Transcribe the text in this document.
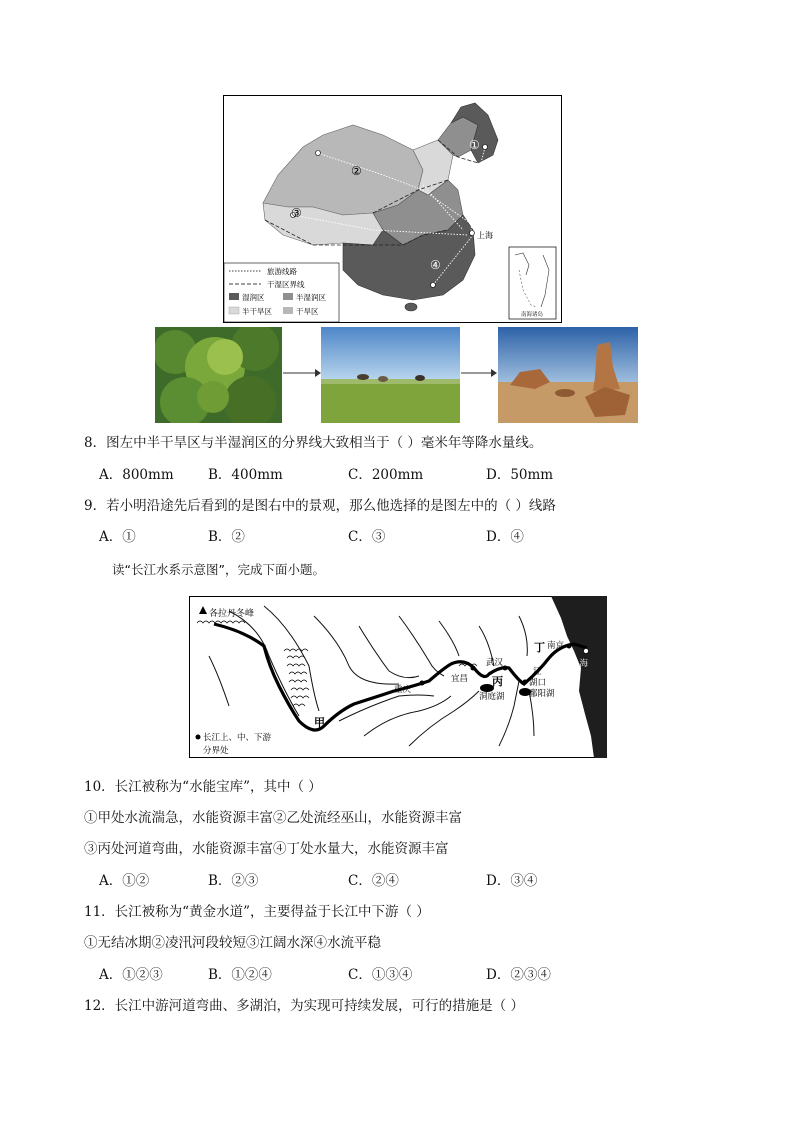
①
②
③
④
上海
旅游线路
干湿区界线
湿润区	半湿润区
半干旱区	干旱区	南海诸岛
8．图左中半干旱区与半湿润区的分界线大致相当于（ ）毫米年等降水量线。
A．800mm	B．400mm	C．200mm	D．50mm
9．若小明沿途先后看到的是图右中的景观，那么他选择的是图左中的（ ）线路
A．①	B．②	C．③	D．④
读“长江水系示意图”，完成下面小题。
各拉丹冬峰
重庆
宜昌
武汉
丙
洞庭湖
湖口
鄱阳湖
江
丁 南京
上海
甲
长江上、中、下游
分界处
10．长江被称为“水能宝库”，其中（ ）
①甲处水流湍急，水能资源丰富②乙处流经巫山，水能资源丰富
③丙处河道弯曲，水能资源丰富④丁处水量大，水能资源丰富
A．①②	B．②③	C．②④	D．③④
11．长江被称为“黄金水道”，主要得益于长江中下游（ ）
①无结冰期②凌汛河段较短③江阔水深④水流平稳
A．①②③	B．①②④	C．①③④	D．②③④
12．长江中游河道弯曲、多湖泊，为实现可持续发展，可行的措施是（ ）
